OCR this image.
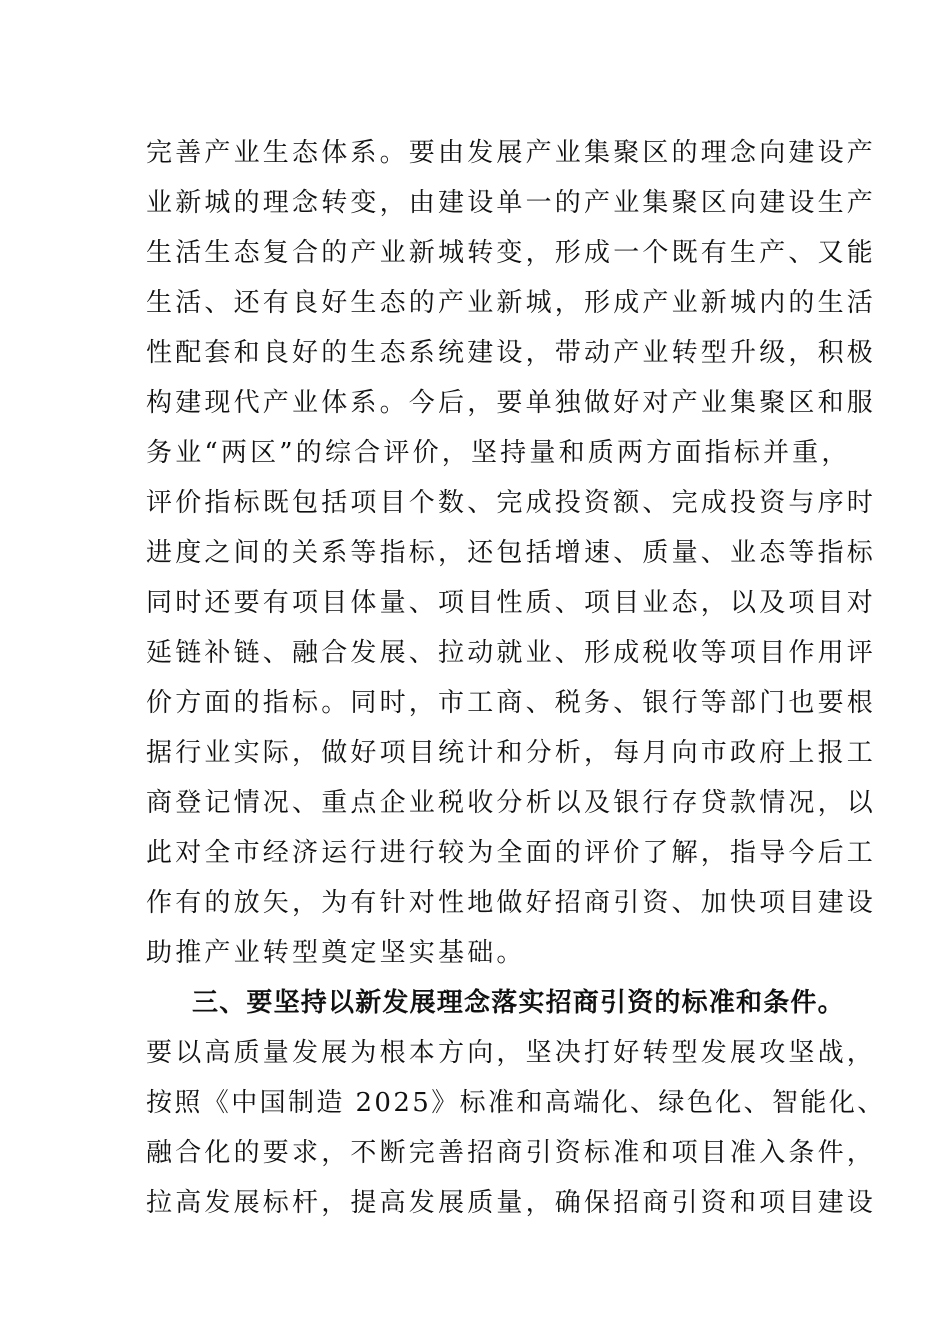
完善产业生态体系。要由发展产业集聚区的理念向建设产
业新城的理念转变，由建设单一的产业集聚区向建设生产
生活生态复合的产业新城转变，形成一个既有生产、又能
生活、还有良好生态的产业新城，形成产业新城内的生活
性配套和良好的生态系统建设，带动产业转型升级，积极
构建现代产业体系。今后，要单独做好对产业集聚区和服
务业“两区”的综合评价，坚持量和质两方面指标并重，
评价指标既包括项目个数、完成投资额、完成投资与序时
进度之间的关系等指标，还包括增速、质量、业态等指标
同时还要有项目体量、项目性质、项目业态，以及项目对
延链补链、融合发展、拉动就业、形成税收等项目作用评
价方面的指标。同时，市工商、税务、银行等部门也要根
据行业实际，做好项目统计和分析，每月向市政府上报工
商登记情况、重点企业税收分析以及银行存贷款情况，以
此对全市经济运行进行较为全面的评价了解，指导今后工
作有的放矢，为有针对性地做好招商引资、加快项目建设
助推产业转型奠定坚实基础。
三、要坚持以新发展理念落实招商引资的标准和条件。
要以高质量发展为根本方向，坚决打好转型发展攻坚战，
按照《中国制造 2025》标准和高端化、绿色化、智能化、
融合化的要求，不断完善招商引资标准和项目准入条件，
拉高发展标杆，提高发展质量，确保招商引资和项目建设
